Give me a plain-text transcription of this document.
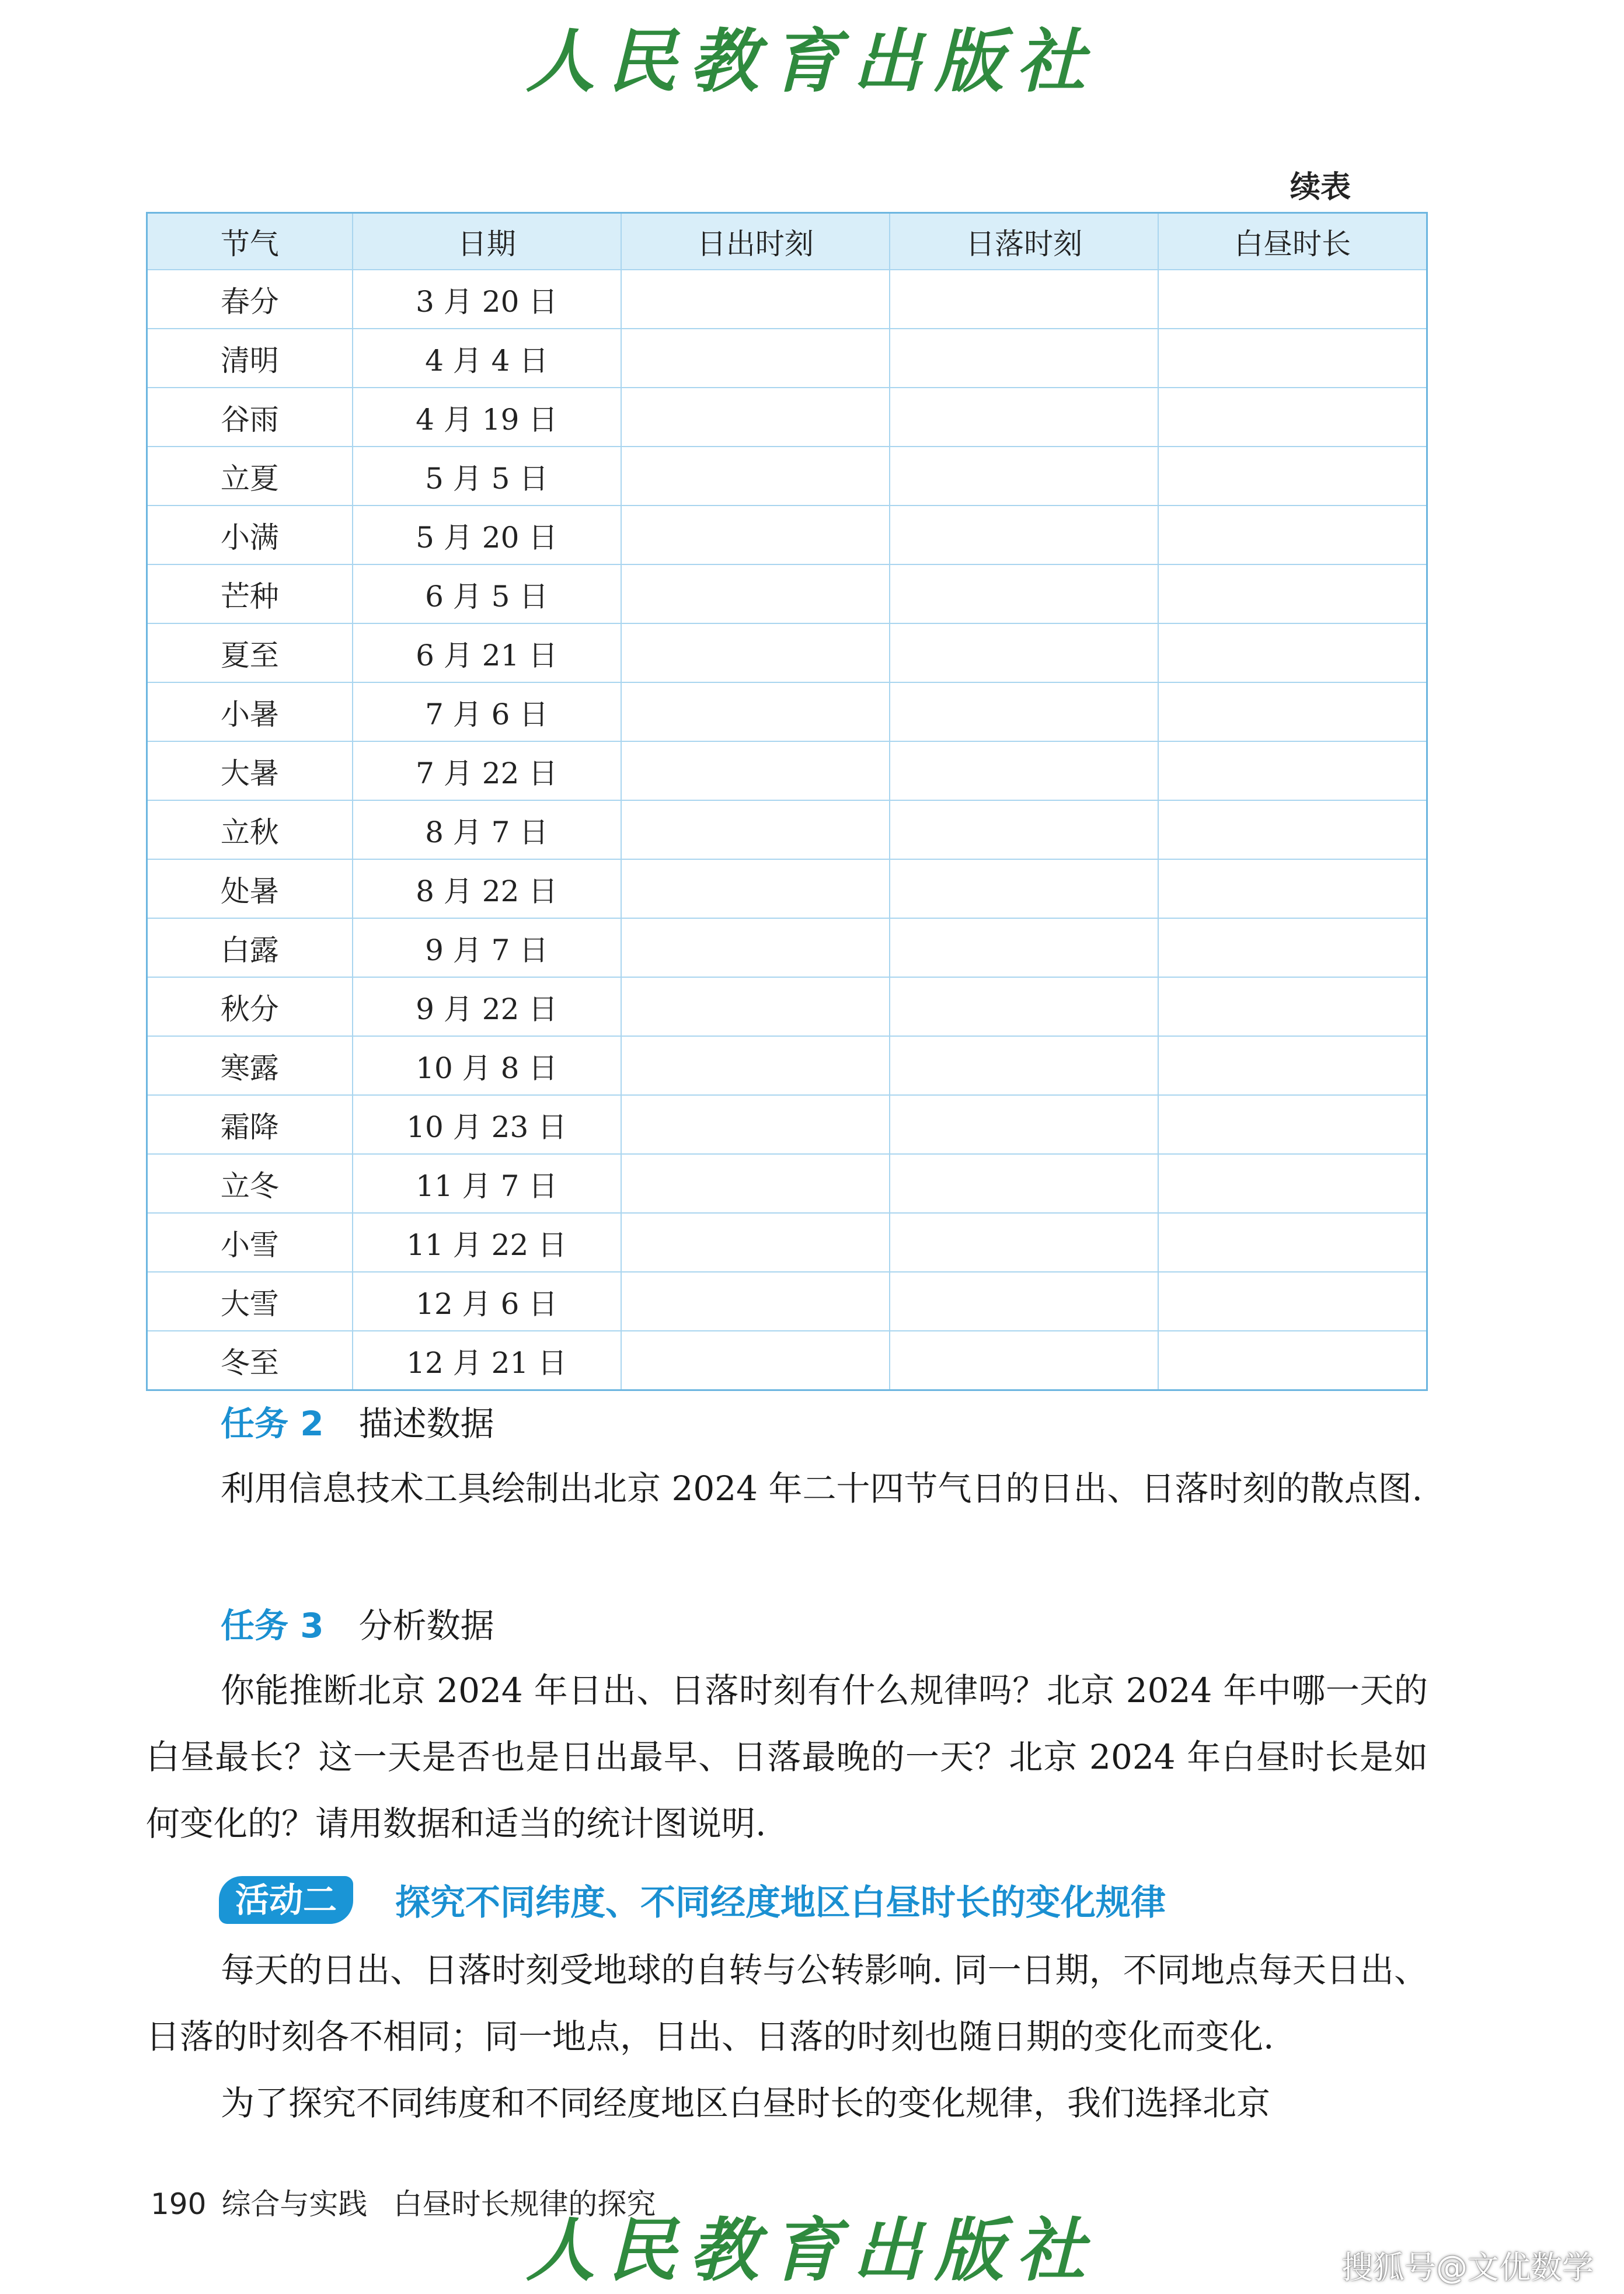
人民教育出版社
续表
节气	日期	日出时刻	日落时刻	白昼时长
春分	3 月 20 日			
清明	4 月 4 日			
谷雨	4 月 19 日			
立夏	5 月 5 日			
小满	5 月 20 日			
芒种	6 月 5 日			
夏至	6 月 21 日			
小暑	7 月 6 日			
大暑	7 月 22 日			
立秋	8 月 7 日			
处暑	8 月 22 日			
白露	9 月 7 日			
秋分	9 月 22 日			
寒露	10 月 8 日			
霜降	10 月 23 日			
立冬	11 月 7 日			
小雪	11 月 22 日			
大雪	12 月 6 日			
冬至	12 月 21 日			
任务 2 描述数据
利用信息技术工具绘制出北京 2024 年二十四节气日的日出、日落时刻的散点图.
任务 3 分析数据
你能推断北京 2024 年日出、日落时刻有什么规律吗？北京 2024 年中哪一天的白昼最长？这一天是否也是日出最早、日落最晚的一天？北京 2024 年白昼时长是如何变化的？请用数据和适当的统计图说明.
活动二	探究不同纬度、不同经度地区白昼时长的变化规律
每天的日出、日落时刻受地球的自转与公转影响. 同一日期，不同地点每天日出、日落的时刻各不相同；同一地点，日出、日落的时刻也随日期的变化而变化.
为了探究不同纬度和不同经度地区白昼时长的变化规律，我们选择北京
190 综合与实践 白昼时长规律的探究
人民教育出版社	搜狐号@文优数学
